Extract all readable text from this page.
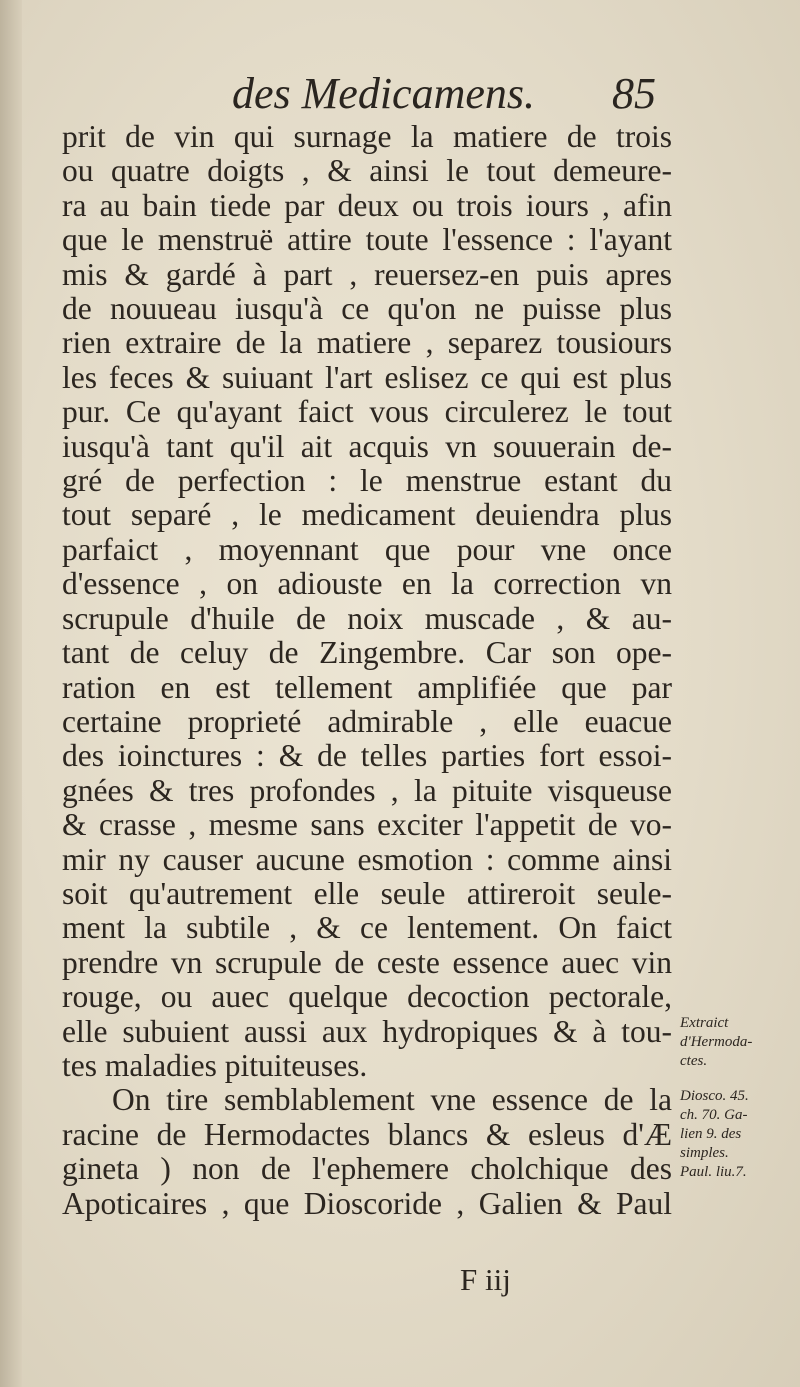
des Medicamens. 85
prit de vin qui surnage la matiere de trois
ou quatre doigts , & ainsi le tout demeure-
ra au bain tiede par deux ou trois iours , afin
que le menstruë attire toute l'essence : l'ayant
mis & gardé à part , reuersez-en puis apres
de nouueau iusqu'à ce qu'on ne puisse plus
rien extraire de la matiere , separez tousiours
les feces & suiuant l'art eslisez ce qui est plus
pur. Ce qu'ayant faict vous circulerez le tout
iusqu'à tant qu'il ait acquis vn souuerain de-
gré de perfection : le menstrue estant du
tout separé , le medicament deuiendra plus
parfaict , moyennant que pour vne once
d'essence , on adiouste en la correction vn
scrupule d'huile de noix muscade , & au-
tant de celuy de Zingembre. Car son ope-
ration en est tellement amplifiée que par
certaine proprieté admirable , elle euacue
des ioinctures : & de telles parties fort essoi-
gnées & tres profondes , la pituite visqueuse
& crasse , mesme sans exciter l'appetit de vo-
mir ny causer aucune esmotion : comme ainsi
soit qu'autrement elle seule attireroit seule-
ment la subtile , & ce lentement. On faict
prendre vn scrupule de ceste essence auec vin
rouge, ou auec quelque decoction pectorale,
elle subuient aussi aux hydropiques & à tou-
tes maladies pituiteuses.
On tire semblablement vne essence de la
racine de Hermodactes blancs & esleus d'Æ
gineta ) non de l'ephemere cholchique des
Apoticaires , que Dioscoride , Galien & Paul
Extraict
d'Hermoda-
ctes.
Diosco. 45.
ch. 70. Ga-
lien 9. des
simples.
Paul. liu.7.
F iij
